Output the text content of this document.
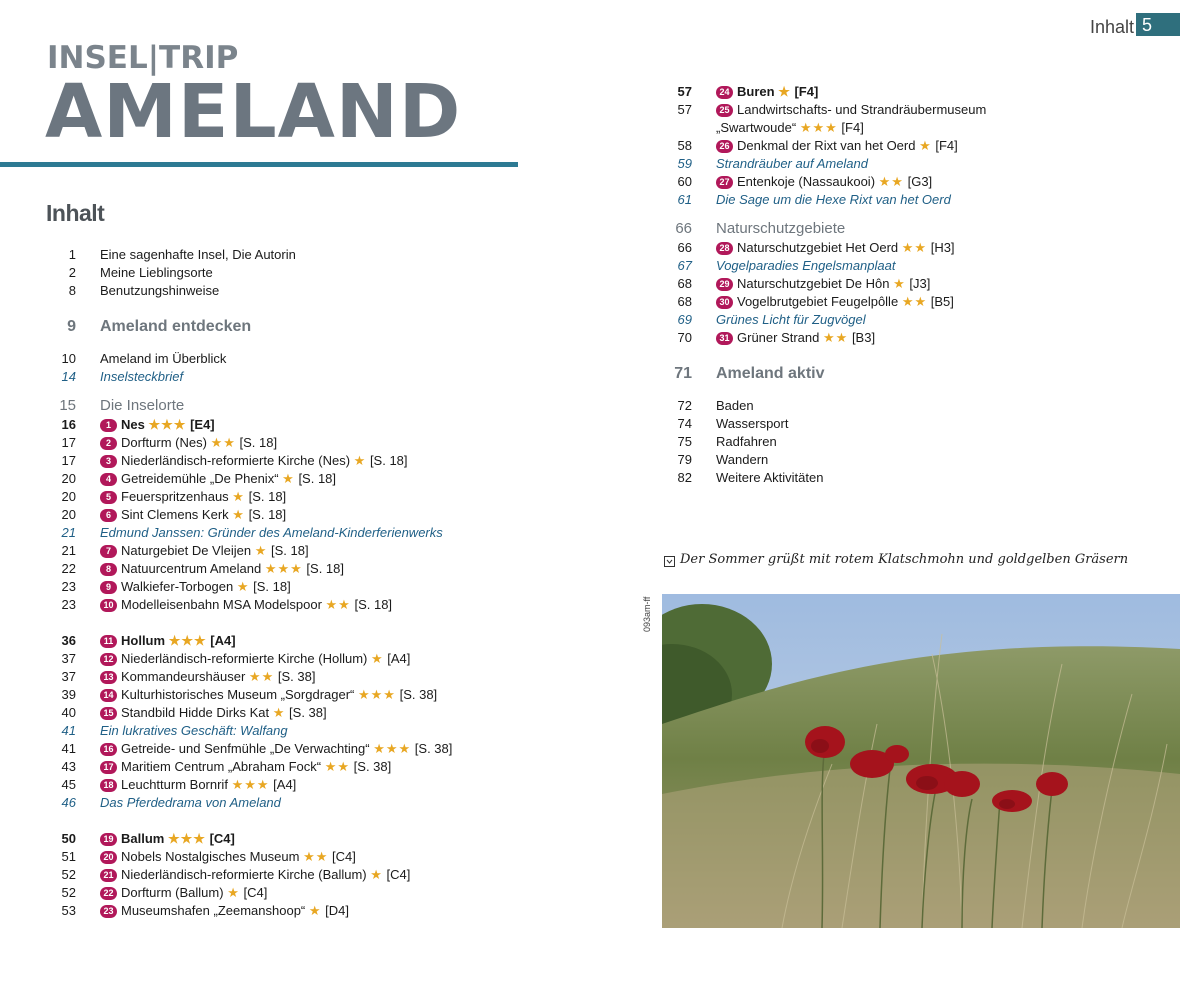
INSEL|TRIP
AMELAND
Inhalt 5
Inhalt
1 Eine sagenhafte Insel, Die Autorin
2 Meine Lieblingsorte
8 Benutzungshinweise
9 Ameland entdecken
10 Ameland im Überblick
14 Inselsteckbrief
15 Die Inselorte
16	1 Nes ★★★ [E4]
17	2 Dorfturm (Nes) ★★ [S. 18]
17	3 Niederländisch-reformierte Kirche (Nes) ★ [S. 18]
20	4 Getreidemühle „De Phenix“ ★ [S. 18]
20	5 Feuerspritzenhaus ★ [S. 18]
20	6 Sint Clemens Kerk ★ [S. 18]
21 Edmund Janssen: Gründer des Ameland-Kinderferienwerks
21	7 Naturgebiet De Vleijen ★ [S. 18]
22	8 Natuurcentrum Ameland ★★★ [S. 18]
23	9 Walkiefer-Torbogen ★ [S. 18]
23	10 Modelleisenbahn MSA Modelspoor ★★ [S. 18]
36	11 Hollum ★★★ [A4]
37	12 Niederländisch-reformierte Kirche (Hollum) ★ [A4]
37	13 Kommandeurshäuser ★★ [S. 38]
39	14 Kulturhistorisches Museum „Sorgdrager“ ★★★ [S. 38]
40	15 Standbild Hidde Dirks Kat ★ [S. 38]
41 Ein lukratives Geschäft: Walfang
41	16 Getreide- und Senfmühle „De Verwachting“ ★★★ [S. 38]
43	17 Maritiem Centrum „Abraham Fock“ ★★ [S. 38]
45	18 Leuchtturm Bornrif ★★★ [A4]
46 Das Pferdedrama von Ameland
50	19 Ballum ★★★ [C4]
51	20 Nobels Nostalgisches Museum ★★ [C4]
52	21 Niederländisch-reformierte Kirche (Ballum) ★ [C4]
52	22 Dorfturm (Ballum) ★ [C4]
53	23 Museumshafen „Zeemanshoop“ ★ [D4]
57	24 Buren ★ [F4]
57	25 Landwirtschafts- und Strandräubermuseum
„Swartwoude“ ★★★ [F4]
58	26 Denkmal der Rixt van het Oerd ★ [F4]
59 Strandräuber auf Ameland
60	27 Entenkoje (Nassaukooi) ★★ [G3]
61 Die Sage um die Hexe Rixt van het Oerd
66 Naturschutzgebiete
66	28 Naturschutzgebiet Het Oerd ★★ [H3]
67 Vogelparadies Engelsmanplaat
68	29 Naturschutzgebiet De Hôn ★ [J3]
68	30 Vogelbrutgebiet Feugelpôlle ★★ [B5]
69 Grünes Licht für Zugvögel
70	31 Grüner Strand ★★ [B3]
71 Ameland aktiv
72 Baden
74 Wassersport
75 Radfahren
79 Wandern
82 Weitere Aktivitäten
Der Sommer grüßt mit rotem Klatschmohn und goldgelben Gräsern
093am-ff
